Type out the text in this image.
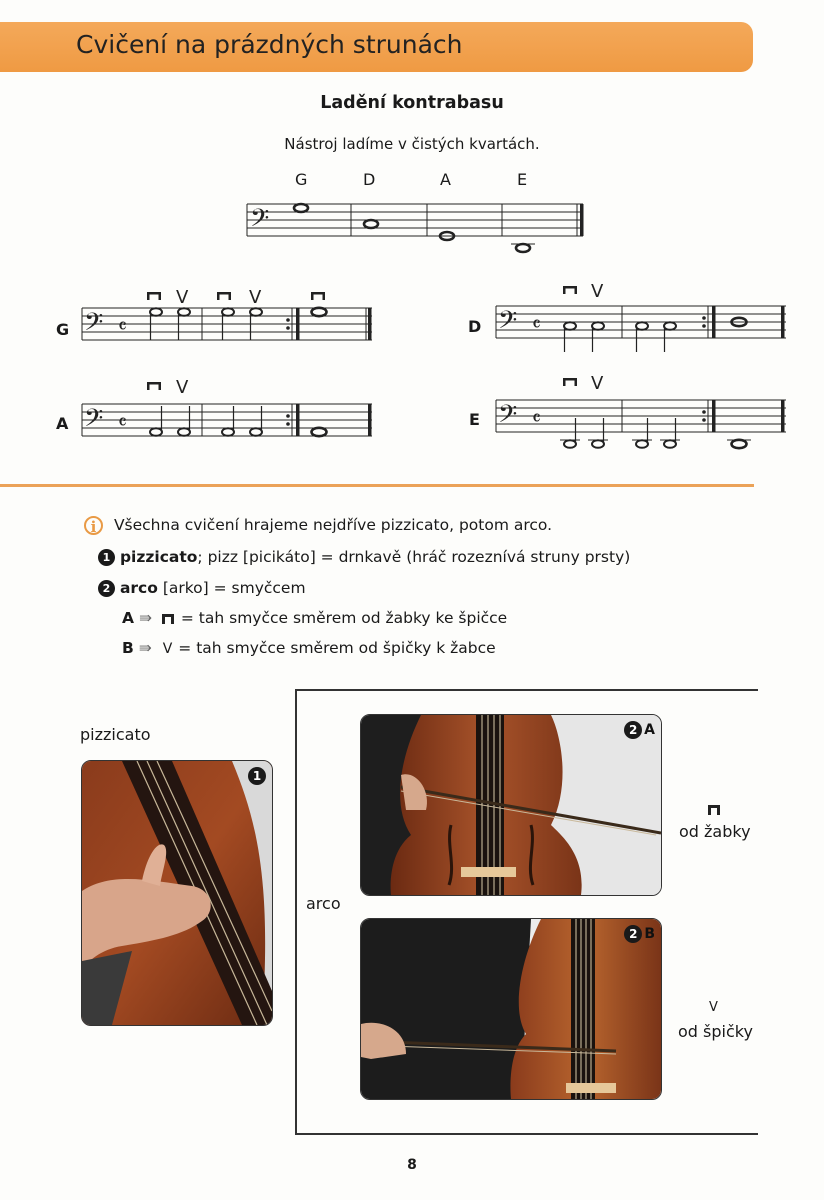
Cvičení na prázdných strunách
Ladění kontrabasu
Nástroj ladíme v čistých kvartách.
G	D	A	E
𝄢
G
V	V
𝄢 𝄴	D
V
𝄢 𝄴
A
V
𝄢 𝄴	E
V
𝄢 𝄴
i Všechna cvičení hrajeme nejdříve pizzicato, potom arco.
1 pizzicato; pizz [picikáto] = drnkavě (hráč rozeznívá struny prsty)
2 arco [arko] = smyčcem
A ⇛ = tah smyčce směrem od žabky ke špičce
B ⇛ V = tah smyčce směrem od špičky k žabce
pizzicato
1
arco
2 A
2 B
od žabky
V
od špičky
8
